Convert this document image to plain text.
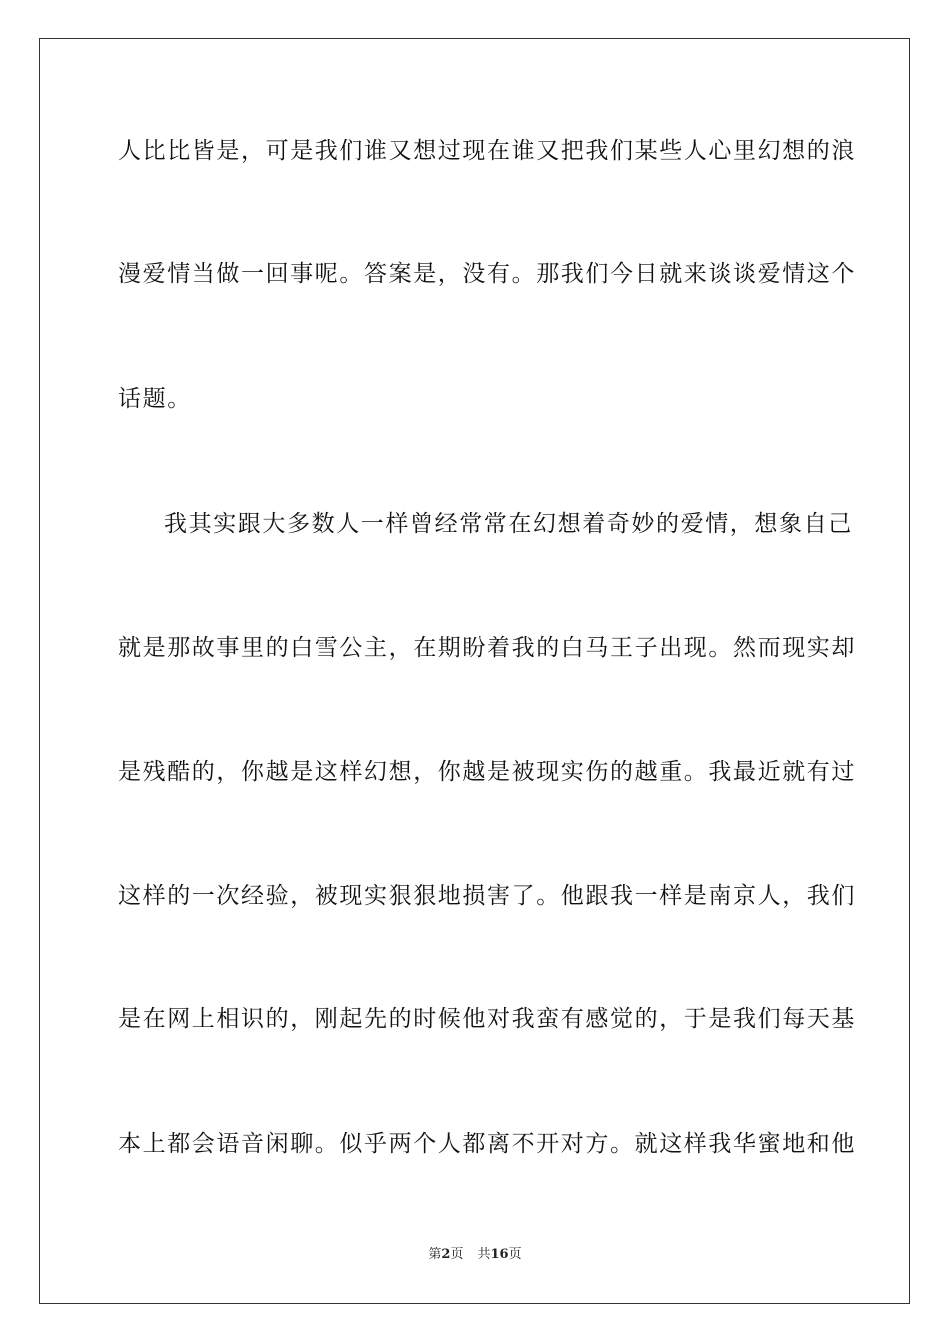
人比比皆是，可是我们谁又想过现在谁又把我们某些人心里幻想的浪
漫爱情当做一回事呢。答案是，没有。那我们今日就来谈谈爱情这个
话题。
我其实跟大多数人一样曾经常常在幻想着奇妙的爱情，想象自己
就是那故事里的白雪公主，在期盼着我的白马王子出现。然而现实却
是残酷的，你越是这样幻想，你越是被现实伤的越重。我最近就有过
这样的一次经验，被现实狠狠地损害了。他跟我一样是南京人，我们
是在网上相识的，刚起先的时候他对我蛮有感觉的，于是我们每天基
本上都会语音闲聊。似乎两个人都离不开对方。就这样我华蜜地和他
第2页 共16页
